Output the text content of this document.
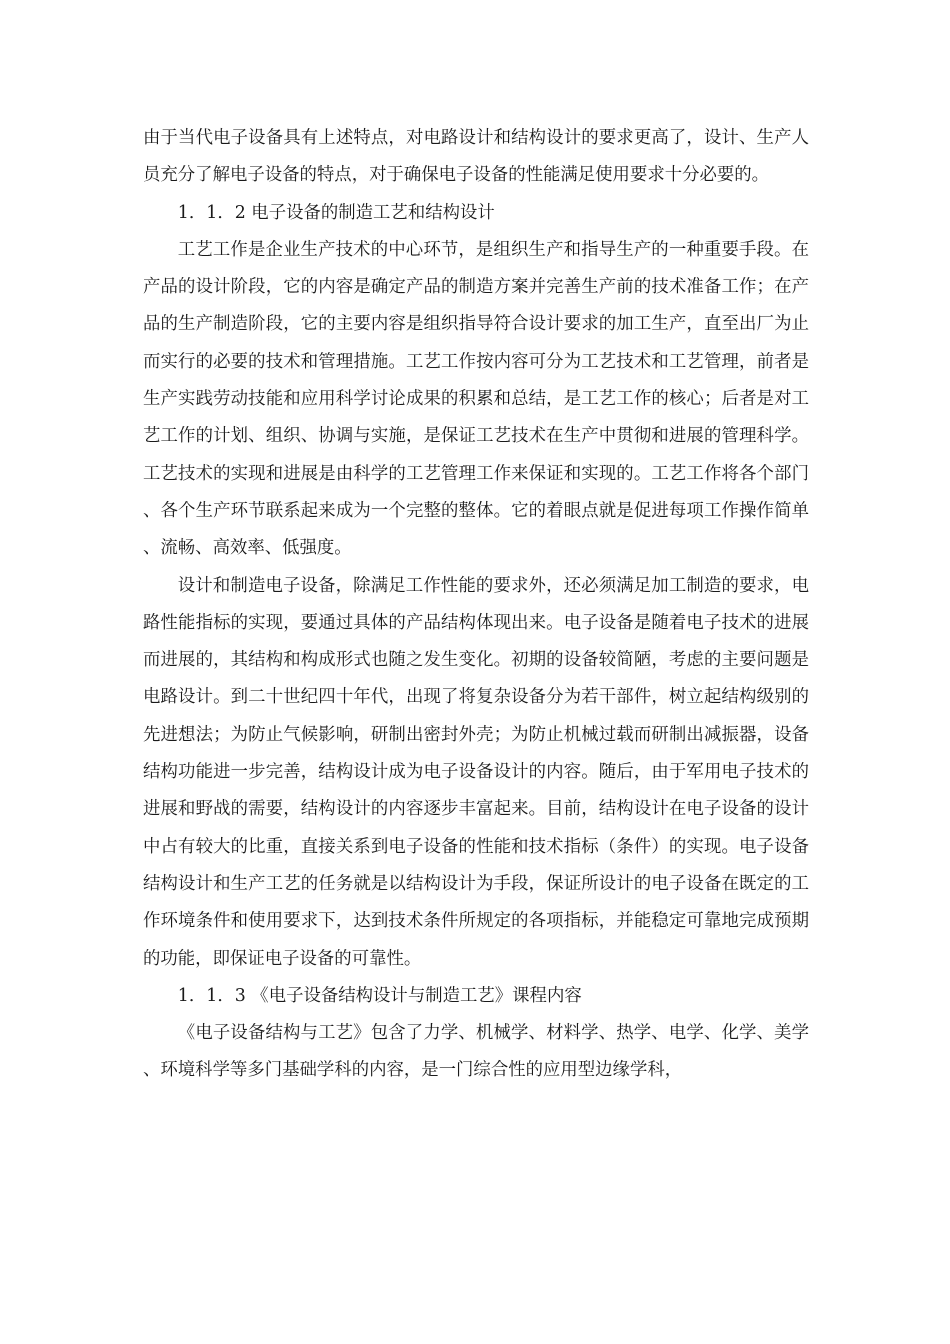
由于当代电子设备具有上述特点，对电路设计和结构设计的要求更高了，设计、生产人员充分了解电子设备的特点，对于确保电子设备的性能满足使用要求十分必要的。

1．1．2 电子设备的制造工艺和结构设计

工艺工作是企业生产技术的中心环节，是组织生产和指导生产的一种重要手段。在产品的设计阶段，它的内容是确定产品的制造方案并完善生产前的技术准备工作；在产品的生产制造阶段，它的主要内容是组织指导符合设计要求的加工生产，直至出厂为止而实行的必要的技术和管理措施。工艺工作按内容可分为工艺技术和工艺管理，前者是生产实践劳动技能和应用科学讨论成果的积累和总结，是工艺工作的核心；后者是对工艺工作的计划、组织、协调与实施，是保证工艺技术在生产中贯彻和进展的管理科学。工艺技术的实现和进展是由科学的工艺管理工作来保证和实现的。工艺工作将各个部门、各个生产环节联系起来成为一个完整的整体。它的着眼点就是促进每项工作操作简单、流畅、高效率、低强度。

设计和制造电子设备，除满足工作性能的要求外，还必须满足加工制造的要求，电路性能指标的实现，要通过具体的产品结构体现出来。电子设备是随着电子技术的进展而进展的，其结构和构成形式也随之发生变化。初期的设备较简陋，考虑的主要问题是电路设计。到二十世纪四十年代，出现了将复杂设备分为若干部件，树立起结构级别的先进想法；为防止气候影响，研制出密封外壳；为防止机械过载而研制出减振器，设备结构功能进一步完善，结构设计成为电子设备设计的内容。随后，由于军用电子技术的进展和野战的需要，结构设计的内容逐步丰富起来。目前，结构设计在电子设备的设计中占有较大的比重，直接关系到电子设备的性能和技术指标（条件）的实现。电子设备结构设计和生产工艺的任务就是以结构设计为手段，保证所设计的电子设备在既定的工作环境条件和使用要求下，达到技术条件所规定的各项指标，并能稳定可靠地完成预期的功能，即保证电子设备的可靠性。

1．1．3 《电子设备结构设计与制造工艺》课程内容

《电子设备结构与工艺》包含了力学、机械学、材料学、热学、电学、化学、美学、环境科学等多门基础学科的内容，是一门综合性的应用型边缘学科，
